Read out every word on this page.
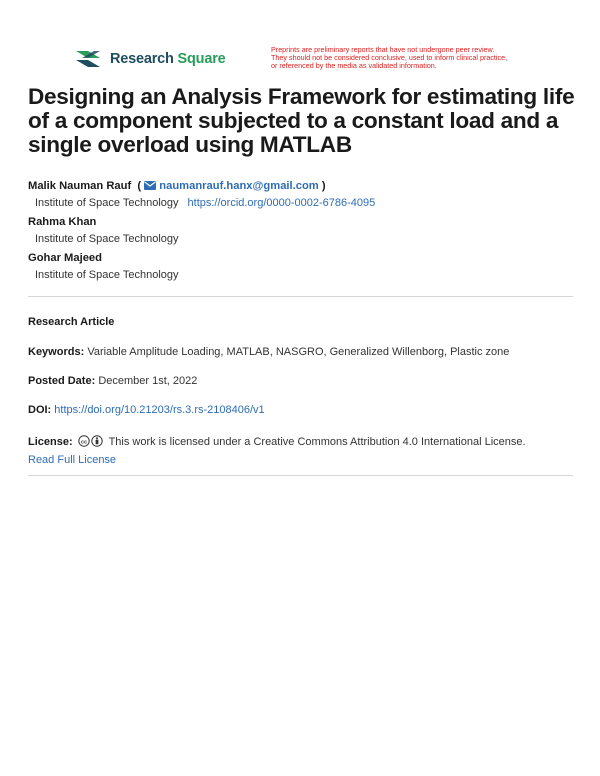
Research Square
Preprints are preliminary reports that have not undergone peer review.
They should not be considered conclusive, used to inform clinical practice,
or referenced by the media as validated information.
Designing an Analysis Framework for estimating life of a component subjected to a constant load and a single overload using MATLAB
Malik Nauman Rauf ( naumanrauf.hanx@gmail.com )
Institute of Space Technology https://orcid.org/0000-0002-6786-4095
Rahma Khan
Institute of Space Technology
Gohar Majeed
Institute of Space Technology
Research Article
Keywords: Variable Amplitude Loading, MATLAB, NASGRO, Generalized Willenborg, Plastic zone
Posted Date: December 1st, 2022
DOI: https://doi.org/10.21203/rs.3.rs-2108406/v1
License: cc This work is licensed under a Creative Commons Attribution 4.0 International License.
Read Full License
